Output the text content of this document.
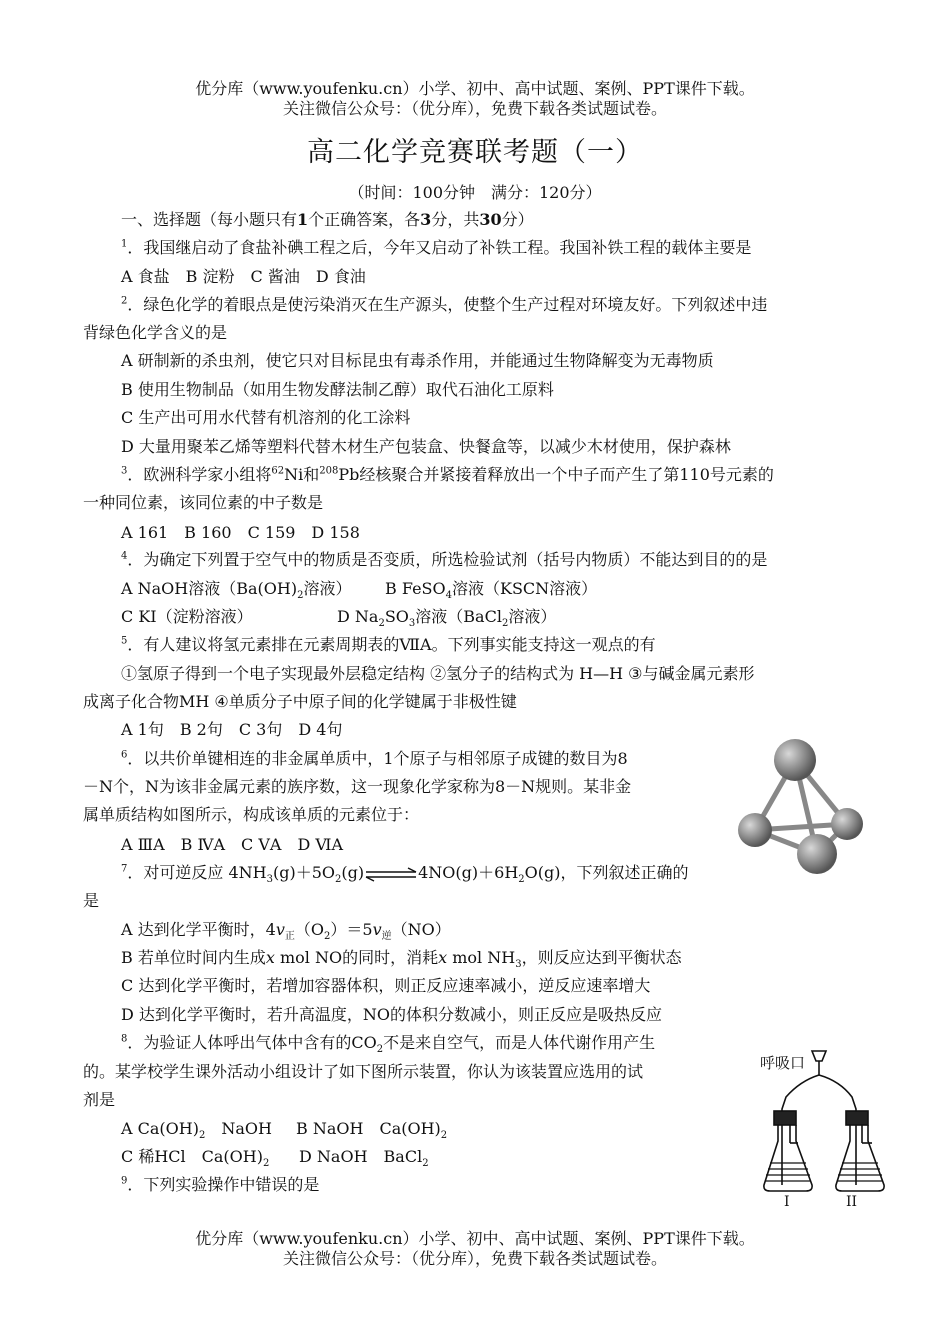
优分库（www.youfenku.cn）小学、初中、高中试题、案例、PPT课件下载。
关注微信公众号：（优分库），免费下载各类试题试卷。
高二化学竞赛联考题（一）
（时间：100分钟　满分：120分）
一、选择题（每小题只有1个正确答案，各3分，共30分）
$^1$．我国继启动了食盐补碘工程之后，今年又启动了补铁工程。我国补铁工程的载体主要是
A 食盐　B 淀粉　C 酱油　D 食油
$^2$．绿色化学的着眼点是使污染消灭在生产源头，使整个生产过程对环境友好。下列叙述中违
背绿色化学含义的是
A 研制新的杀虫剂，使它只对目标昆虫有毒杀作用，并能通过生物降解变为无毒物质
B 使用生物制品（如用生物发酵法制乙醇）取代石油化工原料
C 生产出可用水代替有机溶剂的化工涂料
D 大量用聚苯乙烯等塑料代替木材生产包装盒、快餐盒等，以减少木材使用，保护森林
$^3$．欧洲科学家小组将$^{62}$Ni和$^{208}$Pb经核聚合并紧接着释放出一个中子而产生了第110号元素的
一种同位素，该同位素的中子数是
A 161　B 160　C 159　D 158
$^4$．为确定下列置于空气中的物质是否变质，所选检验试剂（括号内物质）不能达到目的的是
A NaOH溶液（$Ba(OH)_2$溶液） B FeSO$_4$溶液（KSCN溶液）
C KI（淀粉溶液）	D $Na_2SO_3$溶液（BaCl$_2$溶液）
$^5$．有人建议将氢元素排在元素周期表的ⅦA。下列事实能支持这一观点的有
①氢原子得到一个电子实现最外层稳定结构 ②氢分子的结构式为 H—H ③与碱金属元素形
成离子化合物MH ④单质分子中原子间的化学键属于非极性键
A 1句　B 2句　C 3句　D 4句
$^6$．以共价单键相连的非金属单质中，1个原子与相邻原子成键的数目为8
－N个，N为该非金属元素的族序数，这一现象化学家称为8－N规则。某非金
属单质结构如图所示，构成该单质的元素位于：
A ⅢA　B ⅣA　C ⅤA　D ⅥA
$^7$．对可逆反应 $4NH_3(g)+5O_2(g)\rightleftharpoons 4NO(g)+6H_2O(g)$，下列叙述正确的
是
A 达到化学平衡时，$4v_正(O_2)=5v_逆(NO)$
B 若单位时间内生成x mol NO的同时，消耗x mol $NH_3$，则反应达到平衡状态
C 达到化学平衡时，若增加容器体积，则正反应速率减小，逆反应速率增大
D 达到化学平衡时，若升高温度，NO的体积分数减小，则正反应是吸热反应
$^8$．为验证人体呼出气体中含有的$CO_2$不是来自空气，而是人体代谢作用产生
的。某学校学生课外活动小组设计了如下图所示装置，你认为该装置应选用的试
剂是
A $Ca(OH)_2$　NaOH　 B NaOH　$Ca(OH)_2$
C 稀HCl　$Ca(OH)_2$ D NaOH　BaCl$_2$
呼吸口
I	II
$^9$．下列实验操作中错误的是
优分库（www.youfenku.cn）小学、初中、高中试题、案例、PPT课件下载。
关注微信公众号：（优分库），免费下载各类试题试卷。
